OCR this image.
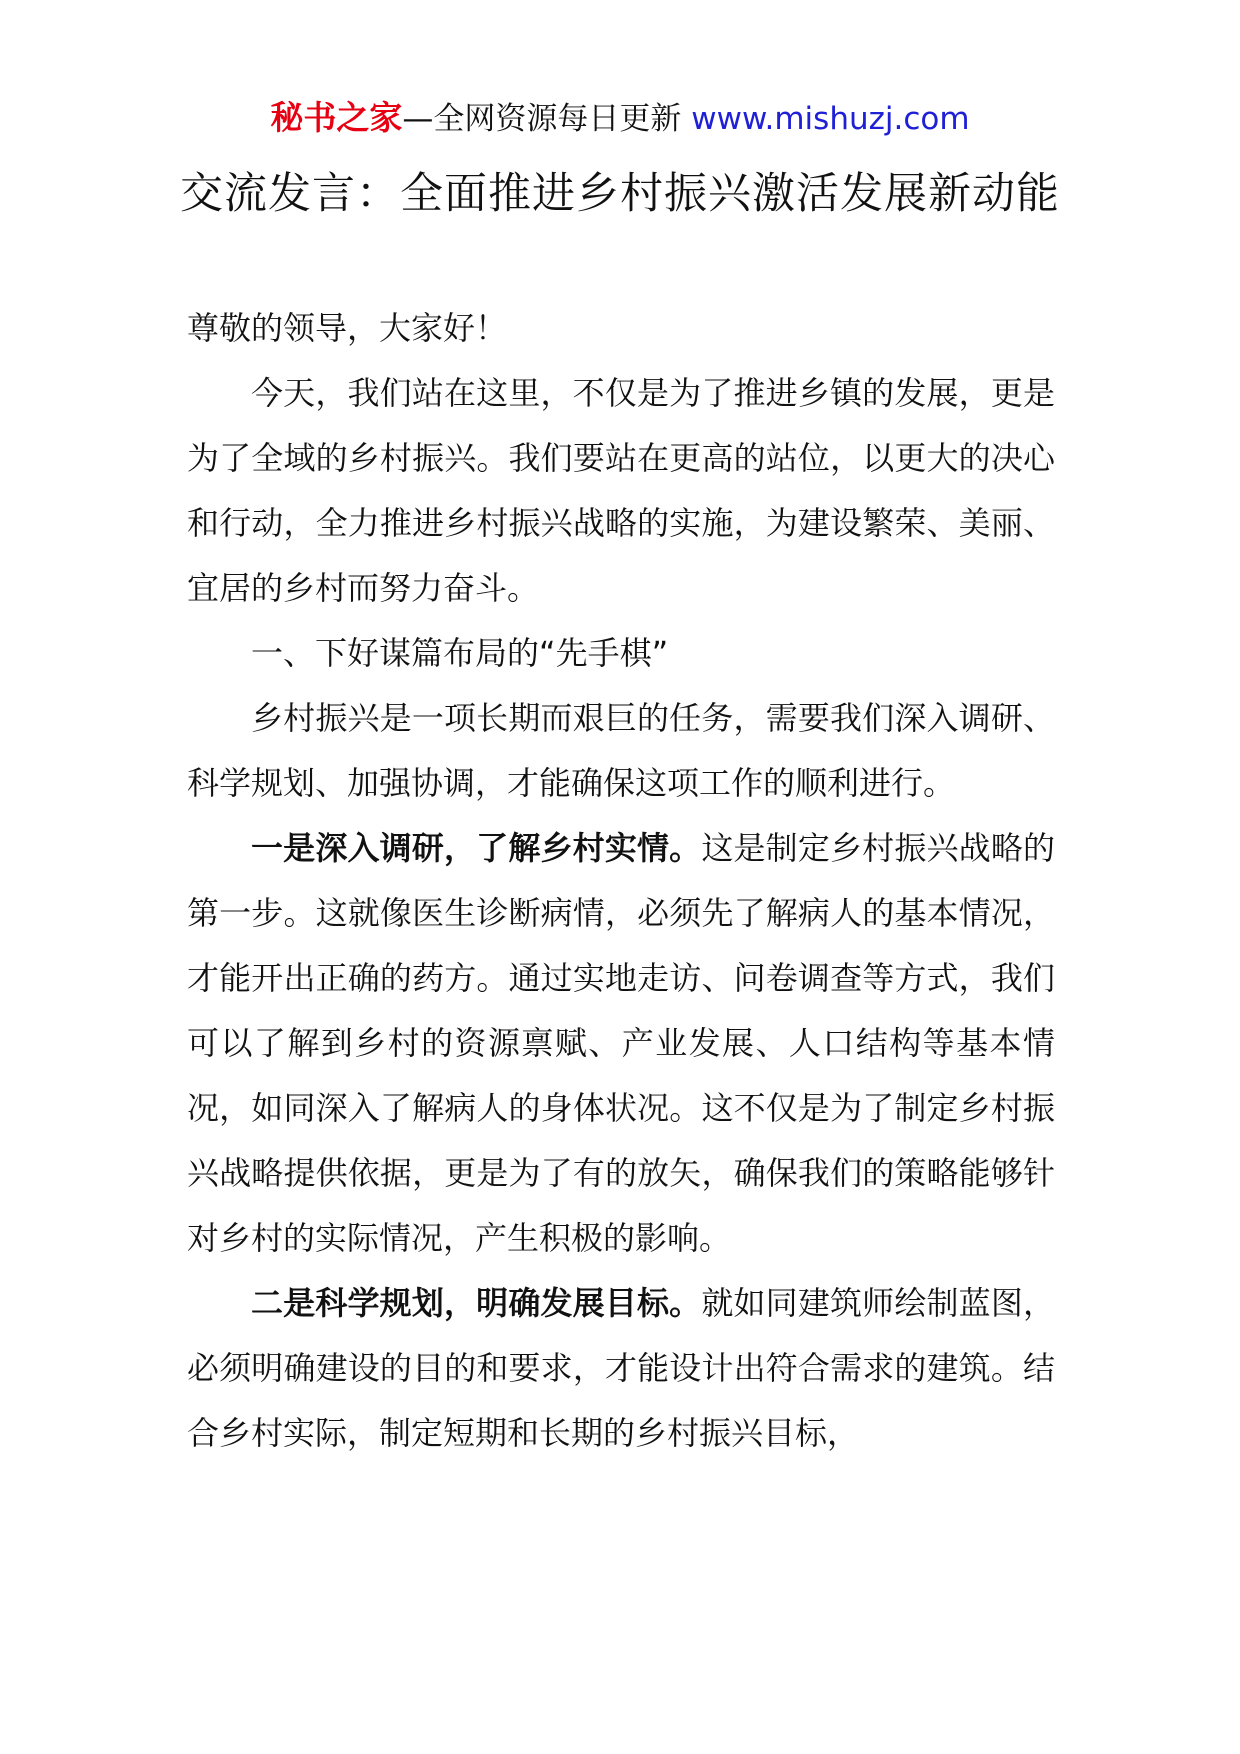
秘书之家—全网资源每日更新 www.mishuzj.com
交流发言：全面推进乡村振兴激活发展新动能

尊敬的领导，大家好！

今天，我们站在这里，不仅是为了推进乡镇的发展，更是为了全域的乡村振兴。我们要站在更高的站位，以更大的决心和行动，全力推进乡村振兴战略的实施，为建设繁荣、美丽、宜居的乡村而努力奋斗。

一、下好谋篇布局的“先手棋”

乡村振兴是一项长期而艰巨的任务，需要我们深入调研、科学规划、加强协调，才能确保这项工作的顺利进行。

一是深入调研，了解乡村实情。这是制定乡村振兴战略的第一步。这就像医生诊断病情，必须先了解病人的基本情况，才能开出正确的药方。通过实地走访、问卷调查等方式，我们可以了解到乡村的资源禀赋、产业发展、人口结构等基本情况，如同深入了解病人的身体状况。这不仅是为了制定乡村振兴战略提供依据，更是为了有的放矢，确保我们的策略能够针对乡村的实际情况，产生积极的影响。

二是科学规划，明确发展目标。就如同建筑师绘制蓝图，必须明确建设的目的和要求，才能设计出符合需求的建筑。结合乡村实际，制定短期和长期的乡村振兴目标，
